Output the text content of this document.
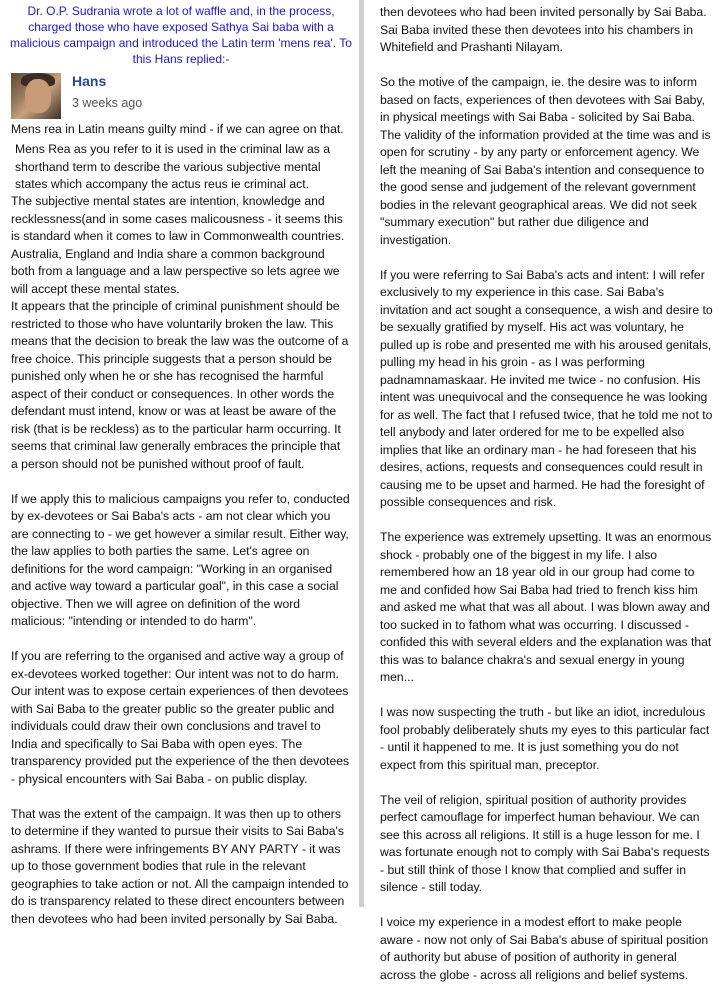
Dr. O.P. Sudrania wrote a lot of waffle and, in the process, charged those who have exposed Sathya Sai baba with a malicious campaign and introduced the Latin term 'mens rea'. To this Hans replied:-
Hans
3 weeks ago

Mens rea in Latin means guilty mind - if we can agree on that.

Mens Rea as you refer to it is used in the criminal law as a shorthand term to describe the various subjective mental states which accompany the actus reus ie criminal act.

The subjective mental states are intention, knowledge and recklessness(and in some cases malicousness - it seems this is standard when it comes to law in Commonwealth countries. Australia, England and India share a common background both from a language and a law perspective so lets agree we will accept these mental states.
It appears that the principle of criminal punishment should be restricted to those who have voluntarily broken the law. This means that the decision to break the law was the outcome of a free choice. This principle suggests that a person should be punished only when he or she has recognised the harmful aspect of their conduct or consequences. In other words the defendant must intend, know or was at least be aware of the risk (that is be reckless) as to the particular harm occurring. It seems that criminal law generally embraces the principle that a person should not be punished without proof of fault.

If we apply this to malicious campaigns you refer to, conducted by ex-devotees or Sai Baba's acts - am not clear which you are connecting to - we get however a similar result. Either way, the law applies to both parties the same. Let's agree on definitions for the word campaign: "Working in an organised and active way toward a particular goal", in this case a social objective. Then we will agree on definition of the word malicious: "intending or intended to do harm".

If you are referring to the organised and active way a group of ex-devotees worked together: Our intent was not to do harm. Our intent was to expose certain experiences of then devotees with Sai Baba to the greater public so the greater public and individuals could draw their own conclusions and travel to India and specifically to Sai Baba with open eyes. The transparency provided put the experience of the then devotees - physical encounters with Sai Baba - on public display.

That was the extent of the campaign. It was then up to others to determine if they wanted to pursue their visits to Sai Baba's ashrams. If there were infringements BY ANY PARTY - it was up to those government bodies that rule in the relevant geographies to take action or not. All the campaign intended to do is transparency related to these direct encounters between then devotees who had been invited personally by Sai Baba.

then devotees who had been invited personally by Sai Baba. Sai Baba invited these then devotees into his chambers in Whitefield and Prashanti Nilayam.

So the motive of the campaign, ie. the desire was to inform based on facts, experiences of then devotees with Sai Baby, in physical meetings with Sai Baba - solicited by Sai Baba. The validity of the information provided at the time was and is open for scrutiny - by any party or enforcement agency. We left the meaning of Sai Baba's intention and consequence to the good sense and judgement of the relevant government bodies in the relevant geographical areas. We did not seek "summary execution" but rather due diligence and investigation.

If you were referring to Sai Baba's acts and intent: I will refer exclusively to my experience in this case. Sai Baba's invitation and act sought a consequence, a wish and desire to be sexually gratified by myself. His act was voluntary, he pulled up is robe and presented me with his aroused genitals, pulling my head in his groin - as I was performing padnamnamaskaar. He invited me twice - no confusion. His intent was unequivocal and the consequence he was looking for as well. The fact that I refused twice, that he told me not to tell anybody and later ordered for me to be expelled also implies that like an ordinary man - he had foreseen that his desires, actions, requests and consequences could result in causing me to be upset and harmed. He had the foresight of possible consequences and risk.

The experience was extremely upsetting. It was an enormous shock - probably one of the biggest in my life. I also remembered how an 18 year old in our group had come to me and confided how Sai Baba had tried to french kiss him and asked me what that was all about. I was blown away and too sucked in to fathom what was occurring. I discussed - confided this with several elders and the explanation was that this was to balance chakra's and sexual energy in young men...

I was now suspecting the truth - but like an idiot, incredulous fool probably deliberately shuts my eyes to this particular fact - until it happened to me. It is just something you do not expect from this spiritual man, preceptor.

The veil of religion, spiritual position of authority provides perfect camouflage for imperfect human behaviour. We can see this across all religions. It still is a huge lesson for me. I was fortunate enough not to comply with Sai Baba's requests - but still think of those I know that complied and suffer in silence - still today.

I voice my experience in a modest effort to make people aware - now not only of Sai Baba's abuse of spiritual position of authority but abuse of position of authority in general across the globe - across all religions and belief systems.
